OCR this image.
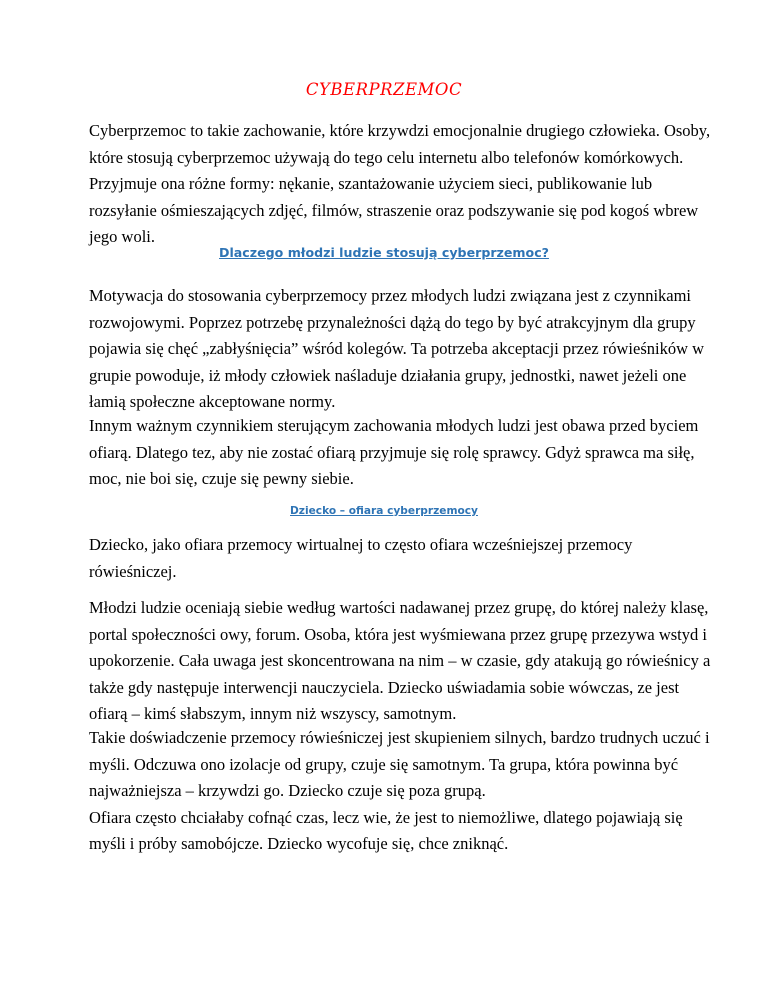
CYBERPRZEMOC
Cyberprzemoc to takie zachowanie, które krzywdzi emocjonalnie drugiego człowieka. Osoby,
które stosują cyberprzemoc używają do tego celu internetu albo telefonów komórkowych.
Przyjmuje ona różne formy: nękanie, szantażowanie użyciem sieci, publikowanie lub
rozsyłanie ośmieszających zdjęć, filmów, straszenie oraz podszywanie się pod kogoś wbrew
jego woli.
Dlaczego młodzi ludzie stosują cyberprzemoc?
Motywacja do stosowania cyberprzemocy przez młodych ludzi związana jest z czynnikami
rozwojowymi. Poprzez potrzebę przynależności dążą do tego by być atrakcyjnym dla grupy
pojawia się chęć „zabłyśnięcia” wśród kolegów. Ta potrzeba akceptacji przez rówieśników w
grupie powoduje, iż młody człowiek naśladuje działania grupy, jednostki, nawet jeżeli one
łamią społeczne akceptowane normy.
Innym ważnym czynnikiem sterującym zachowania młodych ludzi jest obawa przed byciem
ofiarą. Dlatego tez, aby nie zostać ofiarą przyjmuje się rolę sprawcy. Gdyż sprawca ma siłę,
moc, nie boi się, czuje się pewny siebie.
Dziecko – ofiara cyberprzemocy
Dziecko, jako ofiara przemocy wirtualnej to często ofiara wcześniejszej przemocy
rówieśniczej.
Młodzi ludzie oceniają siebie według wartości nadawanej przez grupę, do której należy klasę,
portal społeczności owy, forum. Osoba, która jest wyśmiewana przez grupę przezywa wstyd i
upokorzenie. Cała uwaga jest skoncentrowana na nim – w czasie, gdy atakują go rówieśnicy a
także gdy następuje interwencji nauczyciela. Dziecko uświadamia sobie wówczas, ze jest
ofiarą – kimś słabszym, innym niż wszyscy, samotnym.
Takie doświadczenie przemocy rówieśniczej jest skupieniem silnych, bardzo trudnych uczuć i
myśli. Odczuwa ono izolacje od grupy, czuje się samotnym. Ta grupa, która powinna być
najważniejsza – krzywdzi go. Dziecko czuje się poza grupą.
Ofiara często chciałaby cofnąć czas, lecz wie, że jest to niemożliwe, dlatego pojawiają się
myśli i próby samobójcze. Dziecko wycofuje się, chce zniknąć.
